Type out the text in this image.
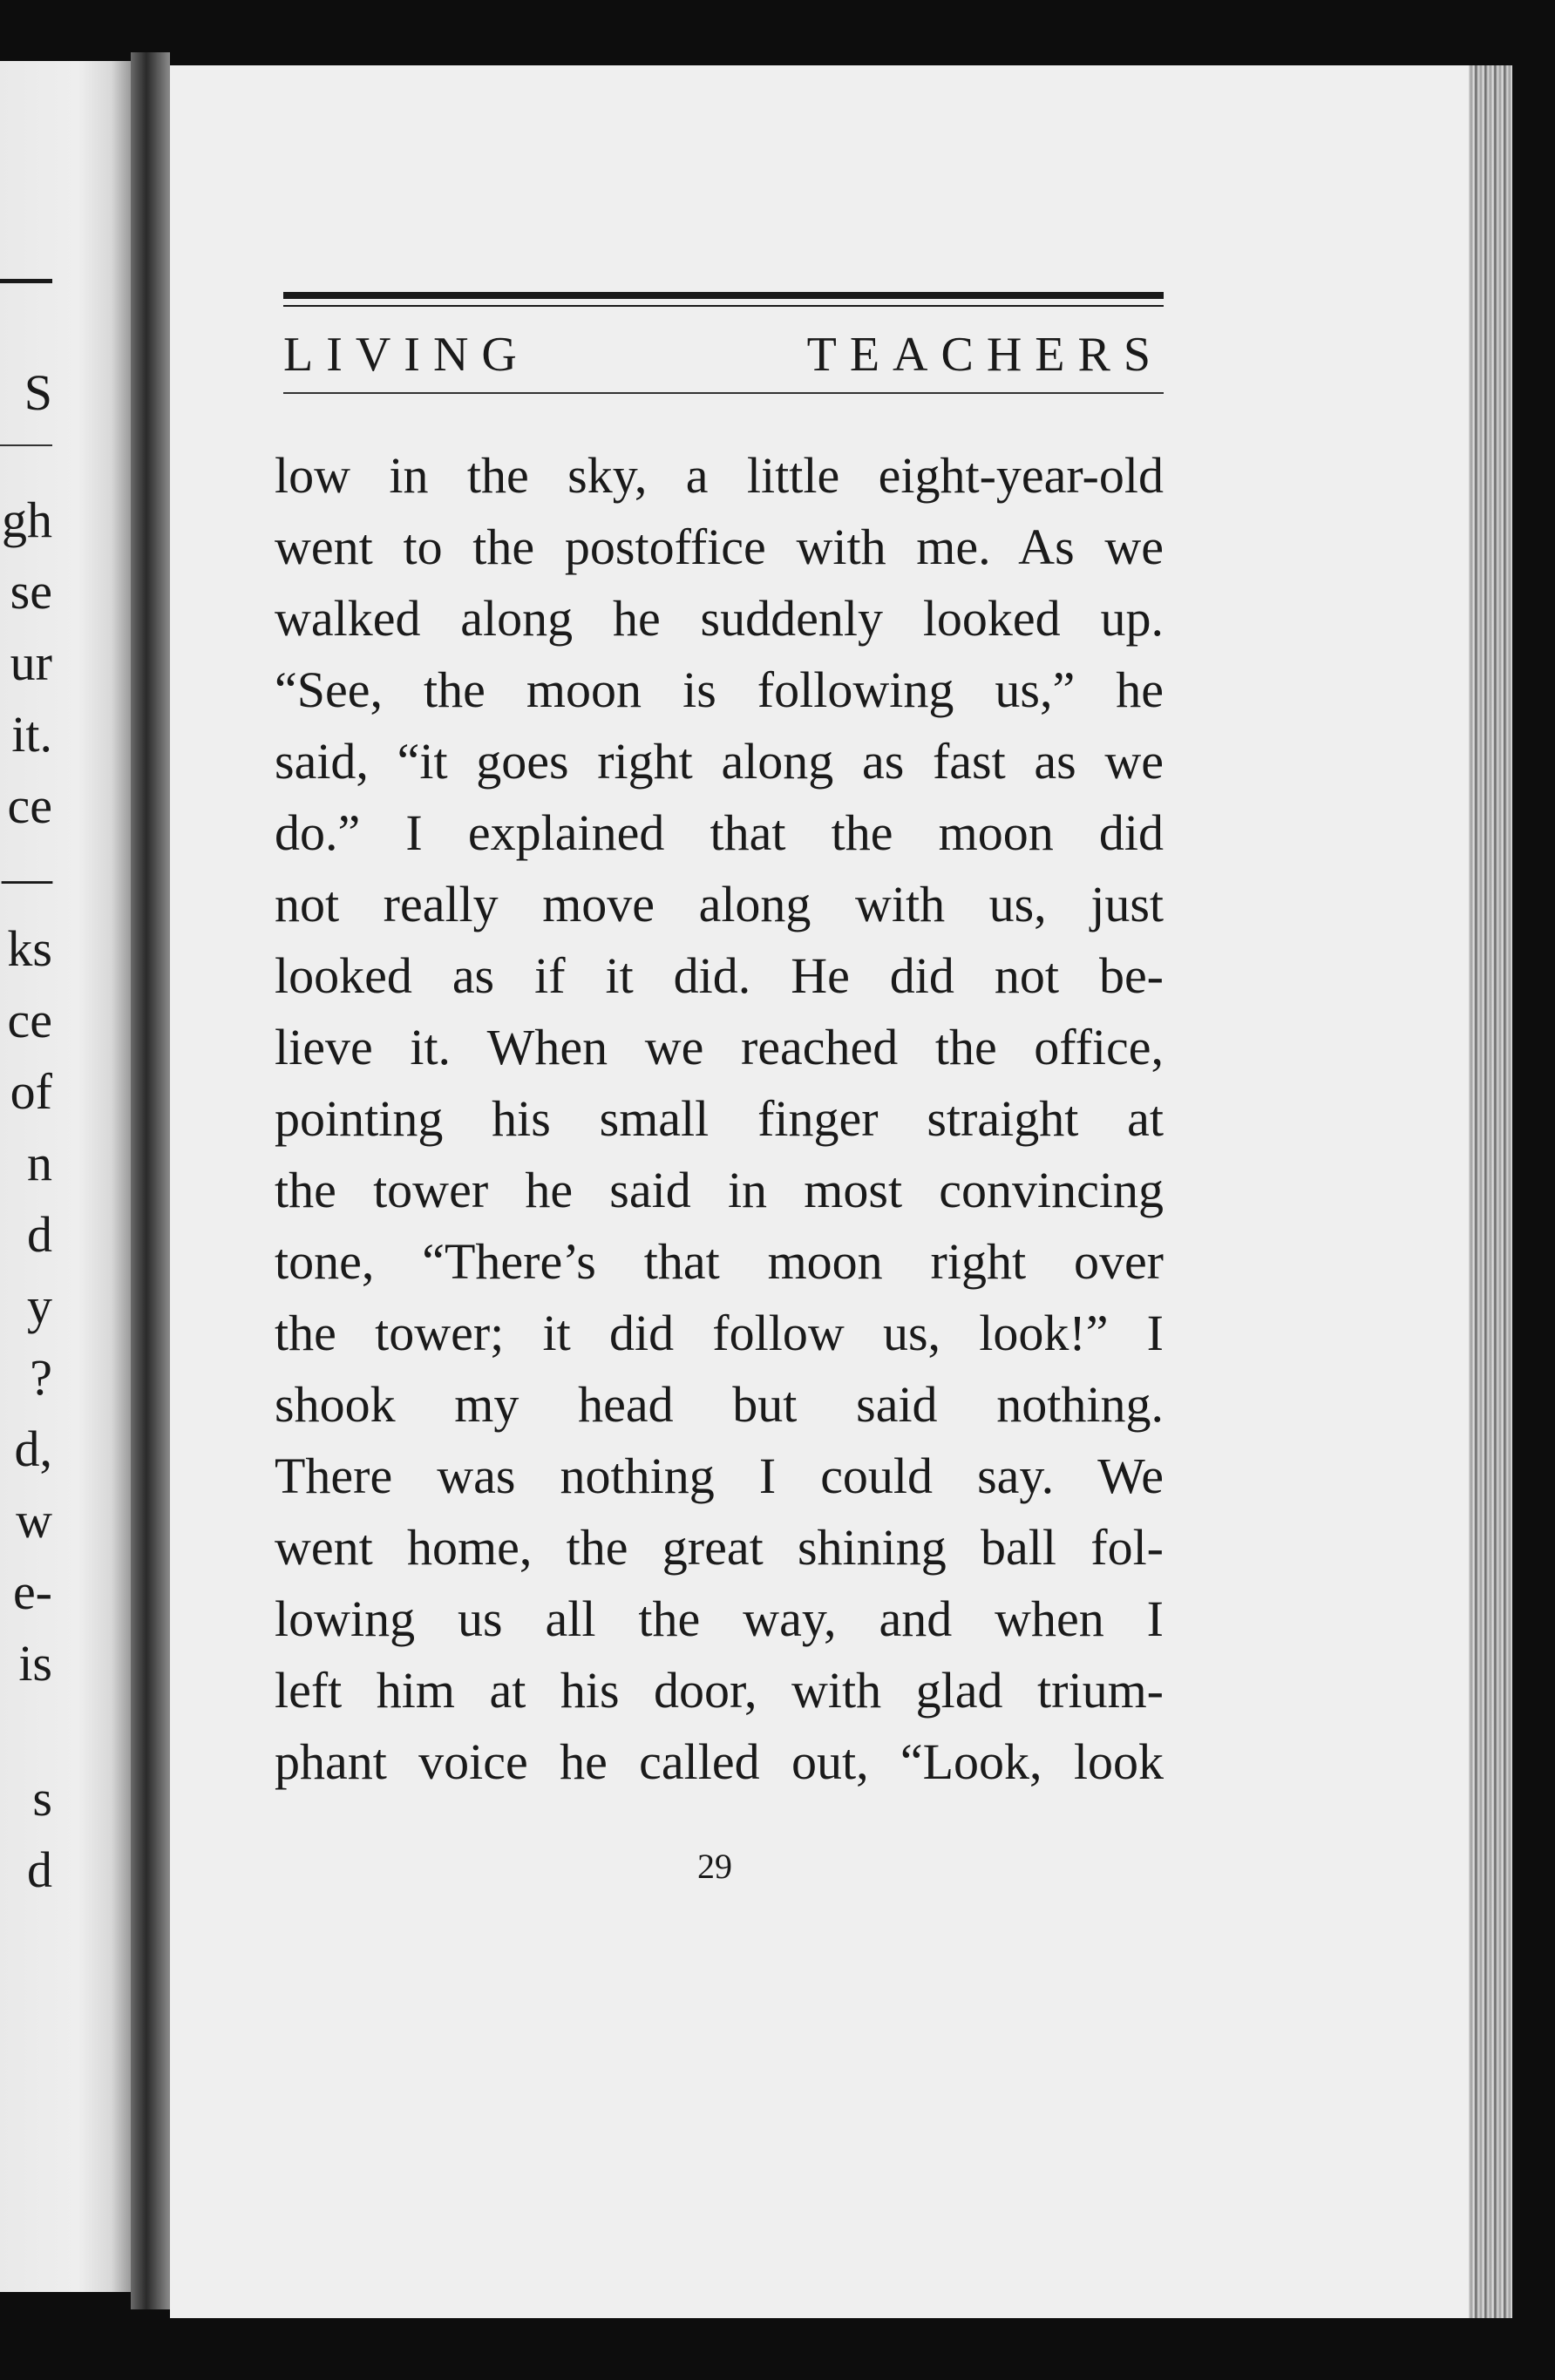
S
gh
se
ur
it.
ce
—
ks
ce
of
n
d
y
?
d,
w
e-
is
s
d
LIVING	TEACHERS
low in the sky, a little eight-year-old
went to the postoffice with me. As we
walked along he suddenly looked up.
“See, the moon is following us,” he
said, “it goes right along as fast as we
do.” I explained that the moon did
not really move along with us, just
looked as if it did. He did not be-
lieve it. When we reached the office,
pointing his small finger straight at
the tower he said in most convincing
tone, “There’s that moon right over
the tower; it did follow us, look!” I
shook my head but said nothing.
There was nothing I could say. We
went home, the great shining ball fol-
lowing us all the way, and when I
left him at his door, with glad trium-
phant voice he called out, “Look, look
29
